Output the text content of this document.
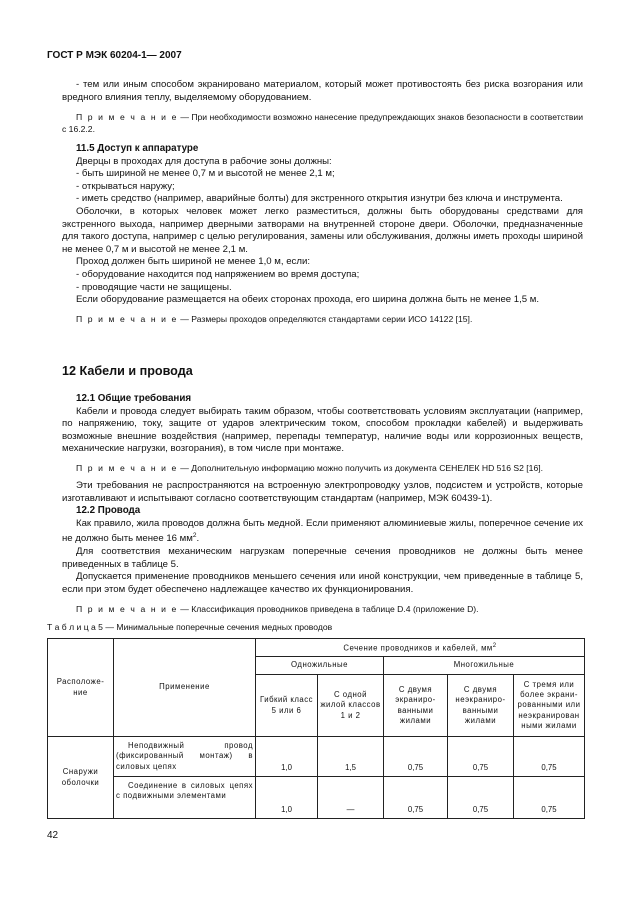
ГОСТ Р МЭК 60204-1— 2007

- тем или иным способом экранировано материалом, который может противостоять без риска возгорания или вредного влияния теплу, выделяемому оборудованием.

П р и м е ч а н и е — При необходимости возможно нанесение предупреждающих знаков безопасности в соответствии с 16.2.2.

11.5 Доступ к аппаратуре

Дверцы в проходах для доступа в рабочие зоны должны:

- быть шириной не менее 0,7 м и высотой не менее 2,1 м;

- открываться наружу;

- иметь средство (например, аварийные болты) для экстренного открытия изнутри без ключа и инструмента.

Оболочки, в которых человек может легко разместиться, должны быть оборудованы средствами для экстренного выхода, например дверными затворами на внутренней стороне двери. Оболочки, предназначенные для такого доступа, например с целью регулирования, замены или обслуживания, должны иметь проходы шириной не менее 0,7 м и высотой не менее 2,1 м.

Проход должен быть шириной не менее 1,0 м, если:

- оборудование находится под напряжением во время доступа;

- проводящие части не защищены.

Если оборудование размещается на обеих сторонах прохода, его ширина должна быть не менее 1,5 м.

П р и м е ч а н и е — Размеры проходов определяются стандартами серии ИСО 14122 [15].

12 Кабели и провода

12.1 Общие требования

Кабели и провода следует выбирать таким образом, чтобы соответствовать условиям эксплуатации (например, по напряжению, току, защите от ударов электрическим током, способом прокладки кабелей) и выдерживать возможные внешние воздействия (например, перепады температур, наличие воды или коррозионных веществ, механические нагрузки, возгорания), в том числе при монтаже.

П р и м е ч а н и е — Дополнительную информацию можно получить из документа СЕНЕЛЕК HD 516 S2 [16].

Эти требования не распространяются на встроенную электропроводку узлов, подсистем и устройств, которые изготавливают и испытывают согласно соответствующим стандартам (например, МЭК 60439-1).

12.2 Провода

Как правило, жила проводов должна быть медной. Если применяют алюминиевые жилы, поперечное сечение их не должно быть менее 16 $мм^2$.

Для соответствия механическим нагрузкам поперечные сечения проводников не должны быть менее приведенных в таблице 5.

Допускается применение проводников меньшего сечения или иной конструкции, чем приведенные в таблице 5, если при этом будет обеспечено надлежащее качество их функционирования.

П р и м е ч а н и е — Классификация проводников приведена в таблице D.4 (приложение D).

Т а б л и ц а 5 — Минимальные поперечные сечения медных проводов
Расположе-ние	Применение	Сечение проводников и кабелей, $мм^2$
		Одножильные		Многожильные		
		Гибкий класс 5 или 6	С одной жилой классов 1 и 2	С двумя экраниро-ванными жилами	С двумя неэкраниро-ванными жилами	С тремя или более экрани-рованными или неэкранирован ными жилами
Снаружи оболочки	Неподвижный провод (фиксированный монтаж) в силовых цепях	1,0	1,5	0,75	0,75	0,75
	Соединение в силовых цепях с подвижными элементами	1,0	—	0,75	0,75	0,75
42
